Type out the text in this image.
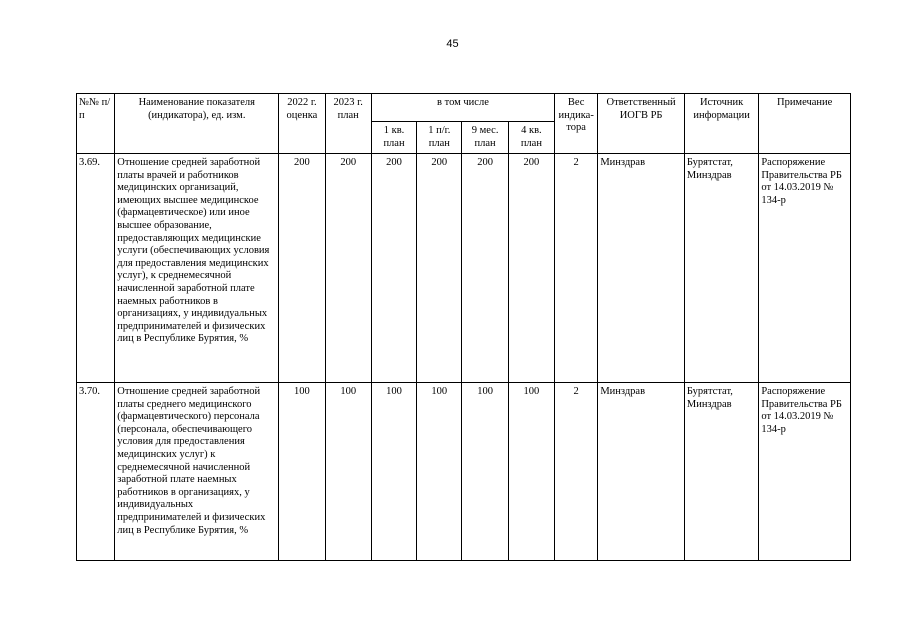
45
№№ п/п	Наименование показателя (индикатора), ед. изм.	2022 г. оценка	2023 г. план	в том числе				Вес индика-тора	Ответственный ИОГВ РБ	Источник информации	Примечание
				1 кв. план	1 п/г. план	9 мес. план	4 кв. план				
3.69.	Отношение средней заработной платы врачей и работников медицинских организаций, имеющих высшее медицинское (фармацевтическое) или иное высшее образование, предоставляющих медицинские услуги (обеспечивающих условия для предоставления медицинских услуг), к среднемесячной начисленной заработной плате наемных работников в организациях, у индивидуальных предпринимателей и физических лиц в Республике Бурятия, %	200	200	200	200	200	200	2	Минздрав	Бурятстат, Минздрав	Распоряжение Правительства РБ от 14.03.2019 № 134-р
3.70.	Отношение средней заработной платы среднего медицинского (фармацевтического) персонала (персонала, обеспечивающего условия для предоставления медицинских услуг) к среднемесячной начисленной заработной плате наемных работников в организациях, у индивидуальных предпринимателей и физических лиц в Республике Бурятия, %	100	100	100	100	100	100	2	Минздрав	Бурятстат, Минздрав	Распоряжение Правительства РБ от 14.03.2019 № 134-р
